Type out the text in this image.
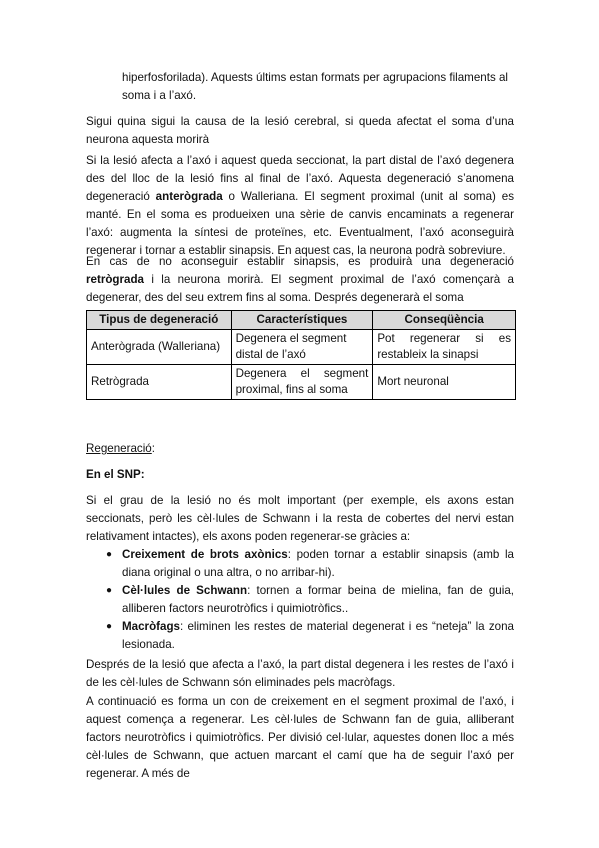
hiperfosforilada). Aquests últims estan formats per agrupacions filaments al

soma i a l’axó.

Sigui quina sigui la causa de la lesió cerebral, si queda afectat el soma d’una neurona aquesta morirà

Si la lesió afecta a l’axó i aquest queda seccionat, la part distal de l’axó degenera des del lloc de la lesió fins al final de l’axó. Aquesta degeneració s’anomena degeneració anterògrada o Walleriana. El segment proximal (unit al soma) es manté. En el soma es produeixen una sèrie de canvis encaminats a regenerar l’axó: augmenta la síntesi de proteïnes, etc. Eventualment, l’axó aconseguirà regenerar i tornar a establir sinapsis. En aquest cas, la neurona podrà sobreviure.

En cas de no aconseguir establir sinapsis, es produirà una degeneració retrògrada i la neurona morirà. El segment proximal de l’axó començarà a degenerar, des del seu extrem fins al soma. Després degenerarà el soma

Tipus de degeneració	Característiques	Conseqüència
Anterògrada (Walleriana)	Degenera el segment distal de l’axó	Pot regenerar si es restableix la sinapsi
Retrògrada	Degenera el segment proximal, fins al soma	Mort neuronal

Regeneració:

En el SNP:

Si el grau de la lesió no és molt important (per exemple, els axons estan seccionats, però les cèl·lules de Schwann i la resta de cobertes del nervi estan relativament intactes), els axons poden regenerar-se gràcies a:

● Creixement de brots axònics: poden tornar a establir sinapsis (amb la diana original o una altra, o no arribar-hi).

● Cèl·lules de Schwann: tornen a formar beina de mielina, fan de guia, alliberen factors neurotròfics i quimiotròfics..

● Macròfags: eliminen les restes de material degenerat i es “neteja” la zona lesionada.

Després de la lesió que afecta a l’axó, la part distal degenera i les restes de l’axó i de les cèl·lules de Schwann són eliminades pels macròfags.

A continuació es forma un con de creixement en el segment proximal de l’axó, i aquest comença a regenerar. Les cèl·lules de Schwann fan de guia, alliberant factors neurotròfics i quimiotròfics. Per divisió cel·lular, aquestes donen lloc a més cèl·lules de Schwann, que actuen marcant el camí que ha de seguir l’axó per regenerar. A més de
